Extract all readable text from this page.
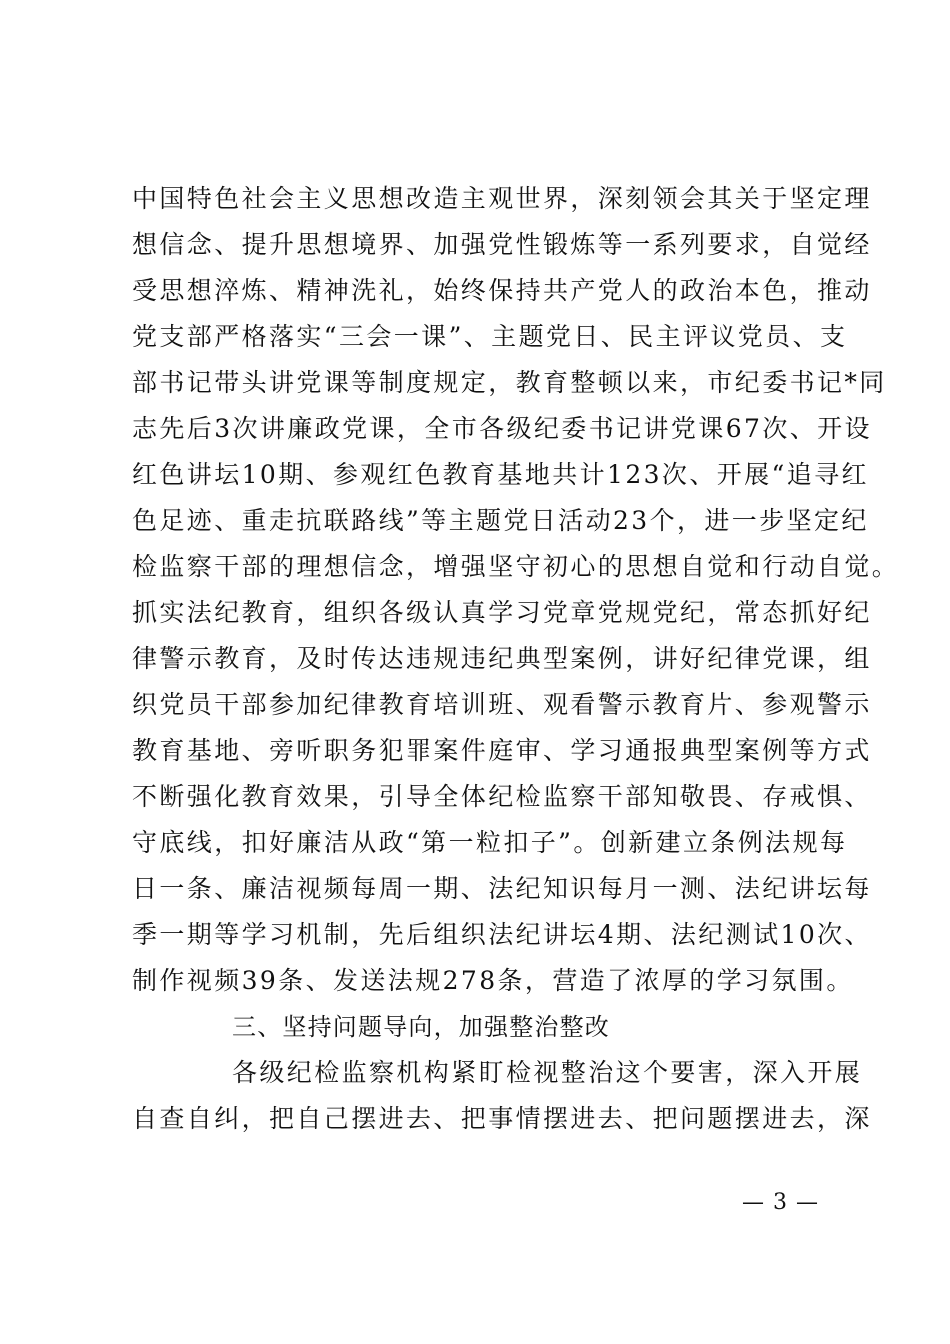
中国特色社会主义思想改造主观世界，深刻领会其关于坚定理
想信念、提升思想境界、加强党性锻炼等一系列要求，自觉经
受思想淬炼、精神洗礼，始终保持共产党人的政治本色，推动
党支部严格落实“三会一课”、主题党日、民主评议党员、支
部书记带头讲党课等制度规定，教育整顿以来，市纪委书记*同
志先后3次讲廉政党课，全市各级纪委书记讲党课67次、开设
红色讲坛10期、参观红色教育基地共计123次、开展“追寻红
色足迹、重走抗联路线”等主题党日活动23个，进一步坚定纪
检监察干部的理想信念，增强坚守初心的思想自觉和行动自觉。
抓实法纪教育，组织各级认真学习党章党规党纪，常态抓好纪
律警示教育，及时传达违规违纪典型案例，讲好纪律党课，组
织党员干部参加纪律教育培训班、观看警示教育片、参观警示
教育基地、旁听职务犯罪案件庭审、学习通报典型案例等方式
不断强化教育效果，引导全体纪检监察干部知敬畏、存戒惧、
守底线，扣好廉洁从政“第一粒扣子”。创新建立条例法规每
日一条、廉洁视频每周一期、法纪知识每月一测、法纪讲坛每
季一期等学习机制，先后组织法纪讲坛4期、法纪测试10次、
制作视频39条、发送法规278条，营造了浓厚的学习氛围。
三、坚持问题导向，加强整治整改
各级纪检监察机构紧盯检视整治这个要害，深入开展
自查自纠，把自己摆进去、把事情摆进去、把问题摆进去，深
— 3 —
